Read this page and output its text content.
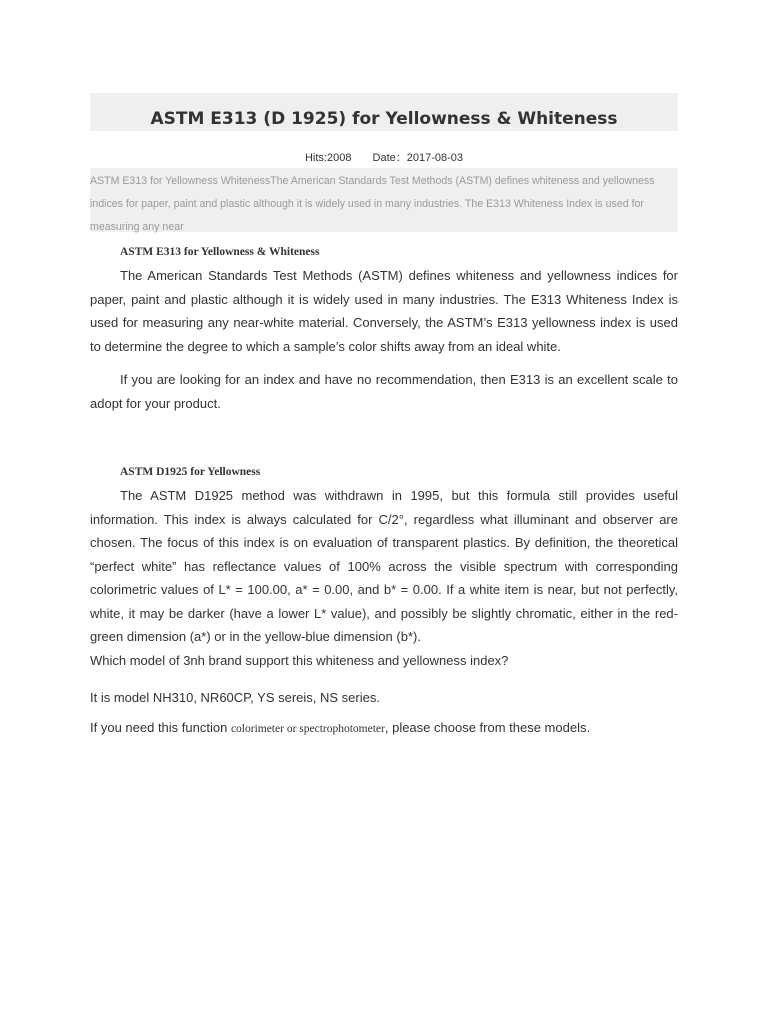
ASTM E313 (D 1925) for Yellowness & Whiteness
Hits:2008 Date：2017-08-03

ASTM E313 for Yellowness WhitenessThe American Standards Test Methods (ASTM) defines whiteness and yellowness indices for paper, paint and plastic although it is widely used in many industries. The E313 Whiteness Index is used for measuring any near

ASTM E313 for Yellowness & Whiteness

The American Standards Test Methods (ASTM) defines whiteness and yellowness indices for paper, paint and plastic although it is widely used in many industries. The E313 Whiteness Index is used for measuring any near-white material. Conversely, the ASTM’s E313 yellowness index is used to determine the degree to which a sample’s color shifts away from an ideal white.

If you are looking for an index and have no recommendation, then E313 is an excellent scale to adopt for your product.

ASTM D1925 for Yellowness

The ASTM D1925 method was withdrawn in 1995, but this formula still provides useful information. This index is always calculated for C/2°, regardless what illuminant and observer are chosen. The focus of this index is on evaluation of transparent plastics. By definition, the theoretical “perfect white” has reflectance values of 100% across the visible spectrum with corresponding colorimetric values of L* = 100.00, a* = 0.00, and b* = 0.00. If a white item is near, but not perfectly, white, it may be darker (have a lower L* value), and possibly be slightly chromatic, either in the red-green dimension (a*) or in the yellow-blue dimension (b*).

Which model of 3nh brand support this whiteness and yellowness index?

It is model NH310, NR60CP, YS sereis, NS series.

If you need this function colorimeter or spectrophotometer, please choose from these models.
